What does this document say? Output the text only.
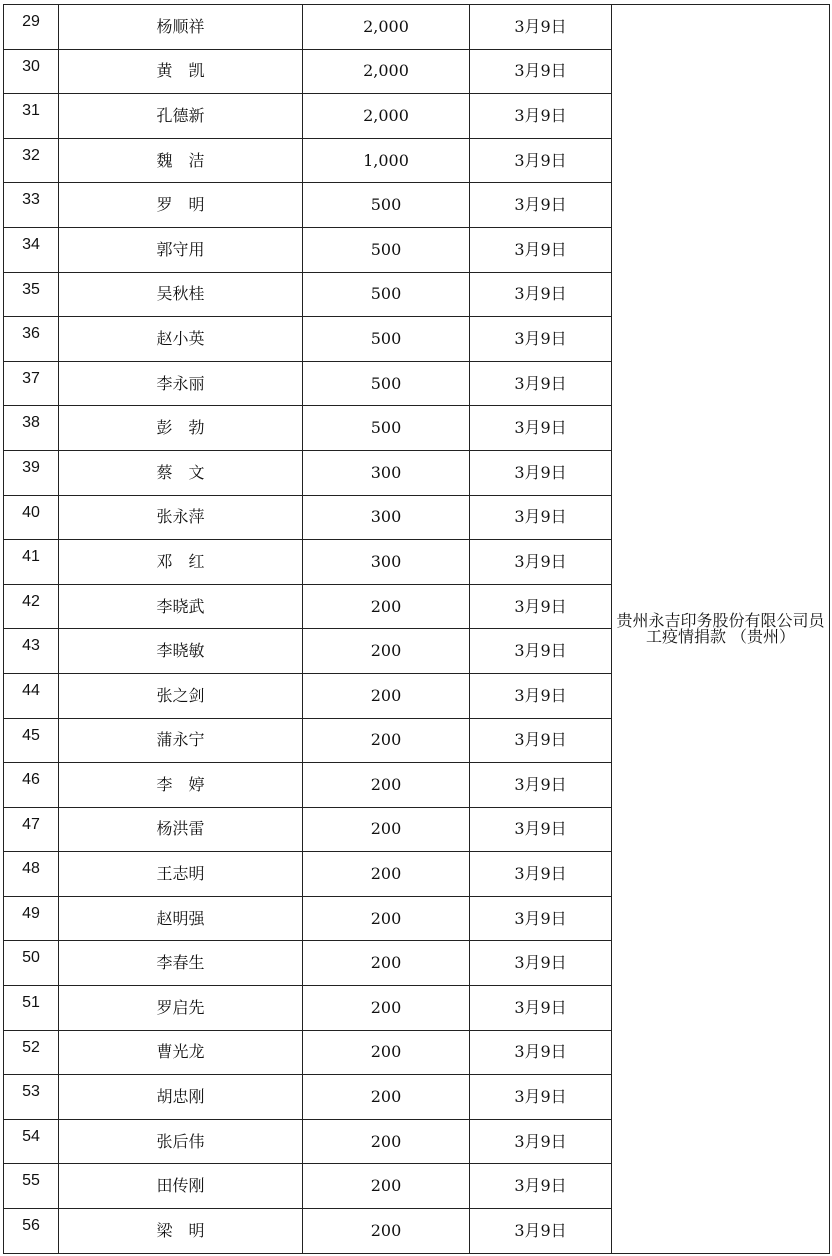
29	杨顺祥	2,000	3月9日	贵州永吉印务股份有限公司员工疫情捐款 （贵州）
30	黄　凯	2,000	3月9日	
31	孔德新	2,000	3月9日	
32	魏　洁	1,000	3月9日	
33	罗　明	500	3月9日	
34	郭守用	500	3月9日	
35	吴秋桂	500	3月9日	
36	赵小英	500	3月9日	
37	李永丽	500	3月9日	
38	彭　勃	500	3月9日	
39	蔡　文	300	3月9日	
40	张永萍	300	3月9日	
41	邓　红	300	3月9日	
42	李晓武	200	3月9日	
43	李晓敏	200	3月9日	
44	张之剑	200	3月9日	
45	蒲永宁	200	3月9日	
46	李　婷	200	3月9日	
47	杨洪雷	200	3月9日	
48	王志明	200	3月9日	
49	赵明强	200	3月9日	
50	李春生	200	3月9日	
51	罗启先	200	3月9日	
52	曹光龙	200	3月9日	
53	胡忠刚	200	3月9日	
54	张后伟	200	3月9日	
55	田传刚	200	3月9日	
56	梁　明	200	3月9日	
